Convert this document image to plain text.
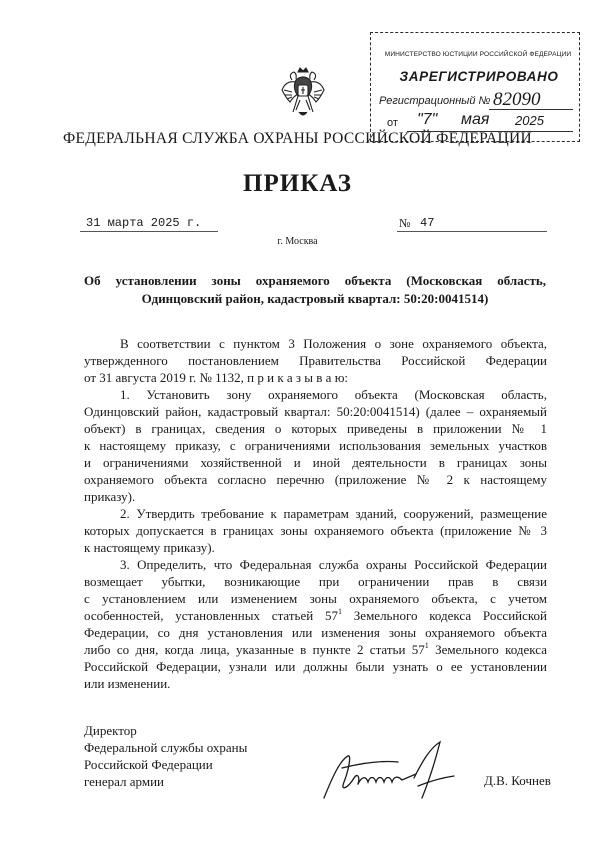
МИНИСТЕРСТВО ЮСТИЦИИ РОССИЙСКОЙ ФЕДЕРАЦИИ
ЗАРЕГИСТРИРОВАНО
Регистрационный № 82090
от "7" мая 2025
ФЕДЕРАЛЬНАЯ СЛУЖБА ОХРАНЫ РОССИЙСКОЙ ФЕДЕРАЦИИ
ПРИКАЗ
31 марта 2025 г.	№ 47
г. Москва
Об установлении зоны охраняемого объекта (Московская область,
Одинцовский район, кадастровый квартал: 50:20:0041514)
В соответствии с пунктом 3 Положения о зоне охраняемого объекта,
утвержденного постановлением Правительства Российской Федерации
от 31 августа 2019 г. № 1132, п р и к а з ы в а ю:
1. Установить зону охраняемого объекта (Московская область,
Одинцовский район, кадастровый квартал: 50:20:0041514) (далее – охраняемый
объект) в границах, сведения о которых приведены в приложении № 1
к настоящему приказу, с ограничениями использования земельных участков
и ограничениями хозяйственной и иной деятельности в границах зоны
охраняемого объекта согласно перечню (приложение № 2 к настоящему
приказу).
2. Утвердить требование к параметрам зданий, сооружений, размещение
которых допускается в границах зоны охраняемого объекта (приложение № 3
к настоящему приказу).
3. Определить, что Федеральная служба охраны Российской Федерации
возмещает убытки, возникающие при ограничении прав в связи
с установлением или изменением зоны охраняемого объекта, с учетом
особенностей, установленных статьей $57^1$ Земельного кодекса Российской
Федерации, со дня установления или изменения зоны охраняемого объекта
либо со дня, когда лица, указанные в пункте 2 статьи $57^1$ Земельного кодекса
Российской Федерации, узнали или должны были узнать о ее установлении
или изменении.
Директор
Федеральной службы охраны
Российской Федерации
генерал армии	Д.В. Кочнев
